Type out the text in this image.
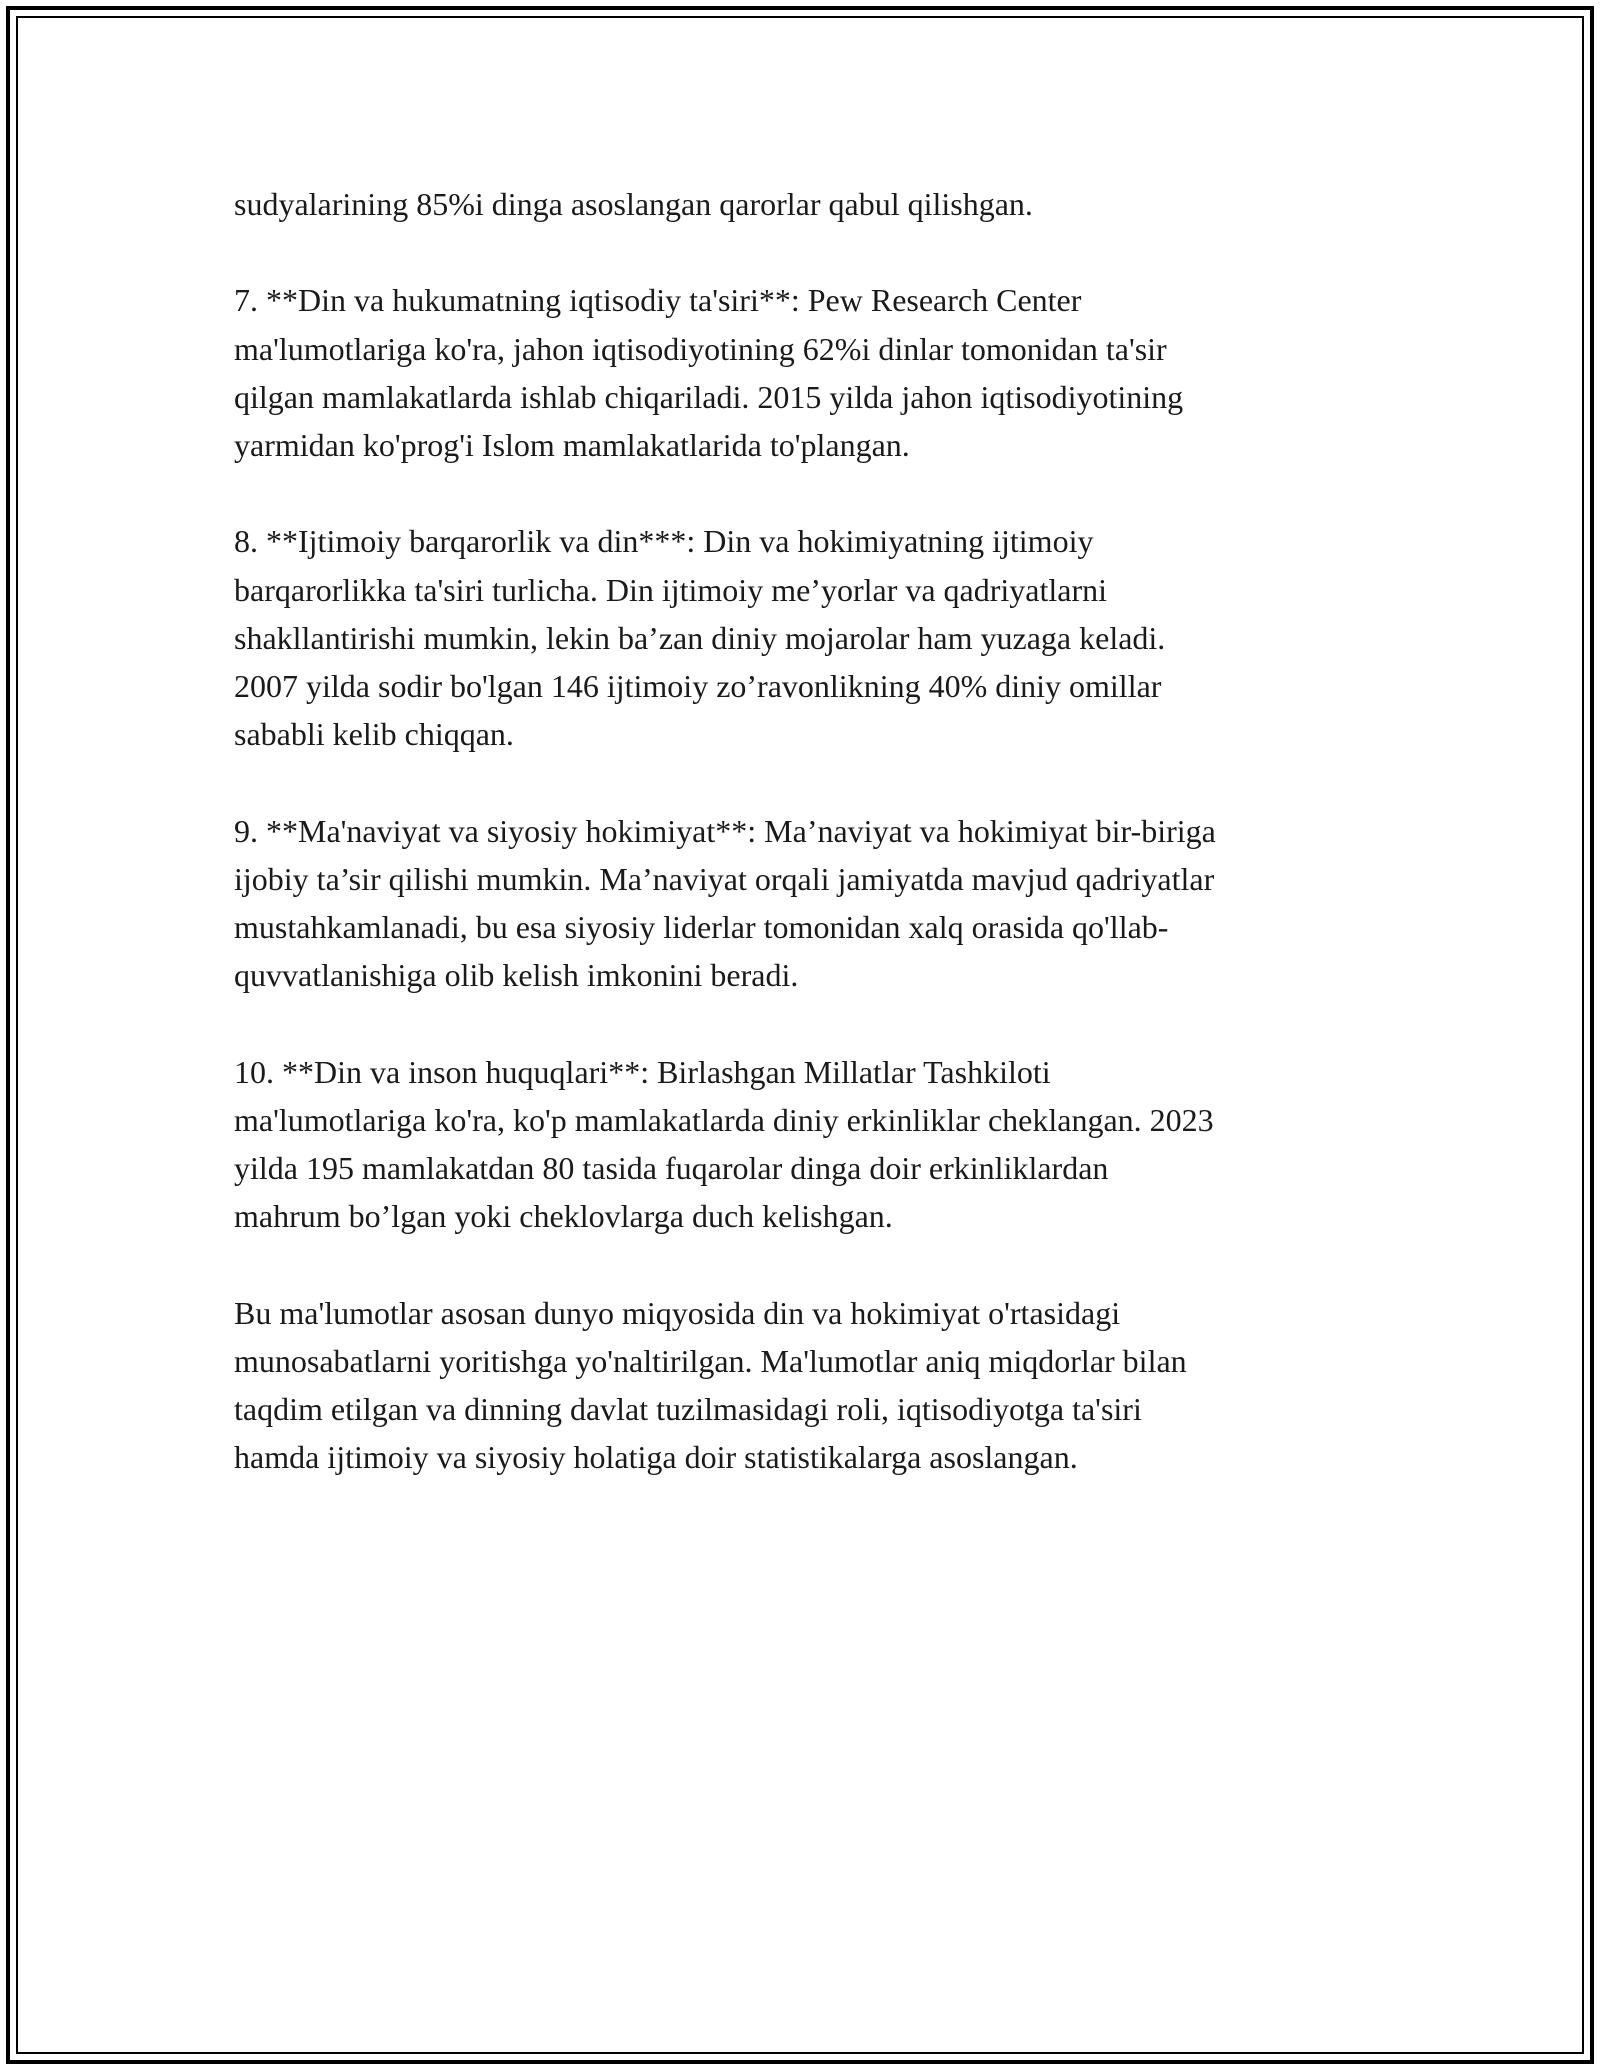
sudyalarining 85%i dinga asoslangan qarorlar qabul qilishgan.

7. **Din va hukumatning iqtisodiy ta'siri**: Pew Research Center
ma'lumotlariga ko'ra, jahon iqtisodiyotining 62%i dinlar tomonidan ta'sir
qilgan mamlakatlarda ishlab chiqariladi. 2015 yilda jahon iqtisodiyotining
yarmidan ko'prog'i Islom mamlakatlarida to'plangan.

8. **Ijtimoiy barqarorlik va din***: Din va hokimiyatning ijtimoiy
barqarorlikka ta'siri turlicha. Din ijtimoiy me’yorlar va qadriyatlarni
shakllantirishi mumkin, lekin ba’zan diniy mojarolar ham yuzaga keladi.
2007 yilda sodir bo'lgan 146 ijtimoiy zo’ravonlikning 40% diniy omillar
sababli kelib chiqqan.

9. **Ma'naviyat va siyosiy hokimiyat**: Ma’naviyat va hokimiyat bir-biriga
ijobiy ta’sir qilishi mumkin. Ma’naviyat orqali jamiyatda mavjud qadriyatlar
mustahkamlanadi, bu esa siyosiy liderlar tomonidan xalq orasida qo'llab-
quvvatlanishiga olib kelish imkonini beradi.

10. **Din va inson huquqlari**: Birlashgan Millatlar Tashkiloti
ma'lumotlariga ko'ra, ko'p mamlakatlarda diniy erkinliklar cheklangan. 2023
yilda 195 mamlakatdan 80 tasida fuqarolar dinga doir erkinliklardan
mahrum bo’lgan yoki cheklovlarga duch kelishgan.

Bu ma'lumotlar asosan dunyo miqyosida din va hokimiyat o'rtasidagi
munosabatlarni yoritishga yo'naltirilgan. Ma'lumotlar aniq miqdorlar bilan
taqdim etilgan va dinning davlat tuzilmasidagi roli, iqtisodiyotga ta'siri
hamda ijtimoiy va siyosiy holatiga doir statistikalarga asoslangan.
